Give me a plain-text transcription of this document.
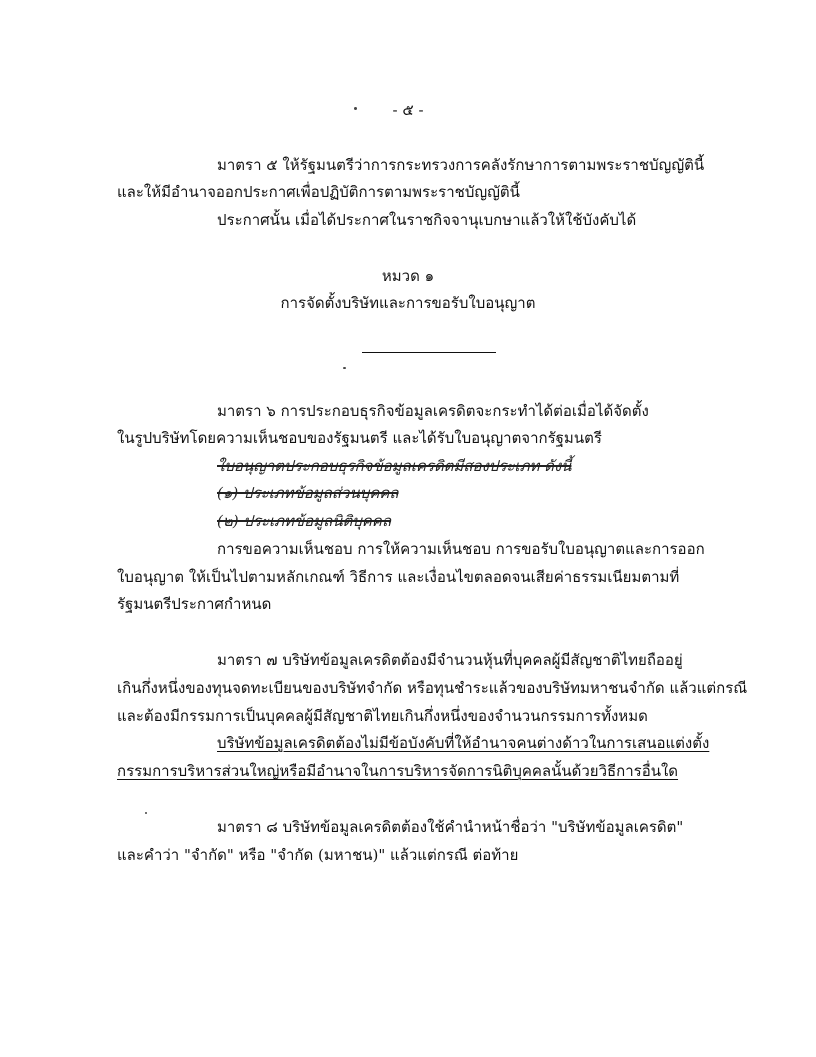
- ๕ -
มาตรา ๕ ให้รัฐมนตรีว่าการกระทรวงการคลังรักษาการตามพระราชบัญญัตินี้
และให้มีอำนาจออกประกาศเพื่อปฏิบัติการตามพระราชบัญญัตินี้
ประกาศนั้น เมื่อได้ประกาศในราชกิจจานุเบกษาแล้วให้ใช้บังคับได้
หมวด ๑
การจัดตั้งบริษัทและการขอรับใบอนุญาต
มาตรา ๖ การประกอบธุรกิจข้อมูลเครดิตจะกระทำได้ต่อเมื่อได้จัดตั้ง
ในรูปบริษัทโดยความเห็นชอบของรัฐมนตรี และได้รับใบอนุญาตจากรัฐมนตรี
ใบอนุญาตประกอบธุรกิจข้อมูลเครดิตมีสองประเภท ดังนี้
(๑) ประเภทข้อมูลส่วนบุคคล
(๒) ประเภทข้อมูลนิติบุคคล
การขอความเห็นชอบ การให้ความเห็นชอบ การขอรับใบอนุญาตและการออก
ใบอนุญาต ให้เป็นไปตามหลักเกณฑ์ วิธีการ และเงื่อนไขตลอดจนเสียค่าธรรมเนียมตามที่
รัฐมนตรีประกาศกำหนด
มาตรา ๗ บริษัทข้อมูลเครดิตต้องมีจำนวนหุ้นที่บุคคลผู้มีสัญชาติไทยถืออยู่
เกินกึ่งหนึ่งของทุนจดทะเบียนของบริษัทจำกัด หรือทุนชำระแล้วของบริษัทมหาชนจำกัด แล้วแต่กรณี
และต้องมีกรรมการเป็นบุคคลผู้มีสัญชาติไทยเกินกึ่งหนึ่งของจำนวนกรรมการทั้งหมด
บริษัทข้อมูลเครดิตต้องไม่มีข้อบังคับที่ให้อำนาจคนต่างด้าวในการเสนอแต่งตั้ง
กรรมการบริหารส่วนใหญ่หรือมีอำนาจในการบริหารจัดการนิติบุคคลนั้นด้วยวิธีการอื่นใด
มาตรา ๘ บริษัทข้อมูลเครดิตต้องใช้คำนำหน้าชื่อว่า "บริษัทข้อมูลเครดิต"
และคำว่า "จำกัด" หรือ "จำกัด (มหาชน)" แล้วแต่กรณี ต่อท้าย
